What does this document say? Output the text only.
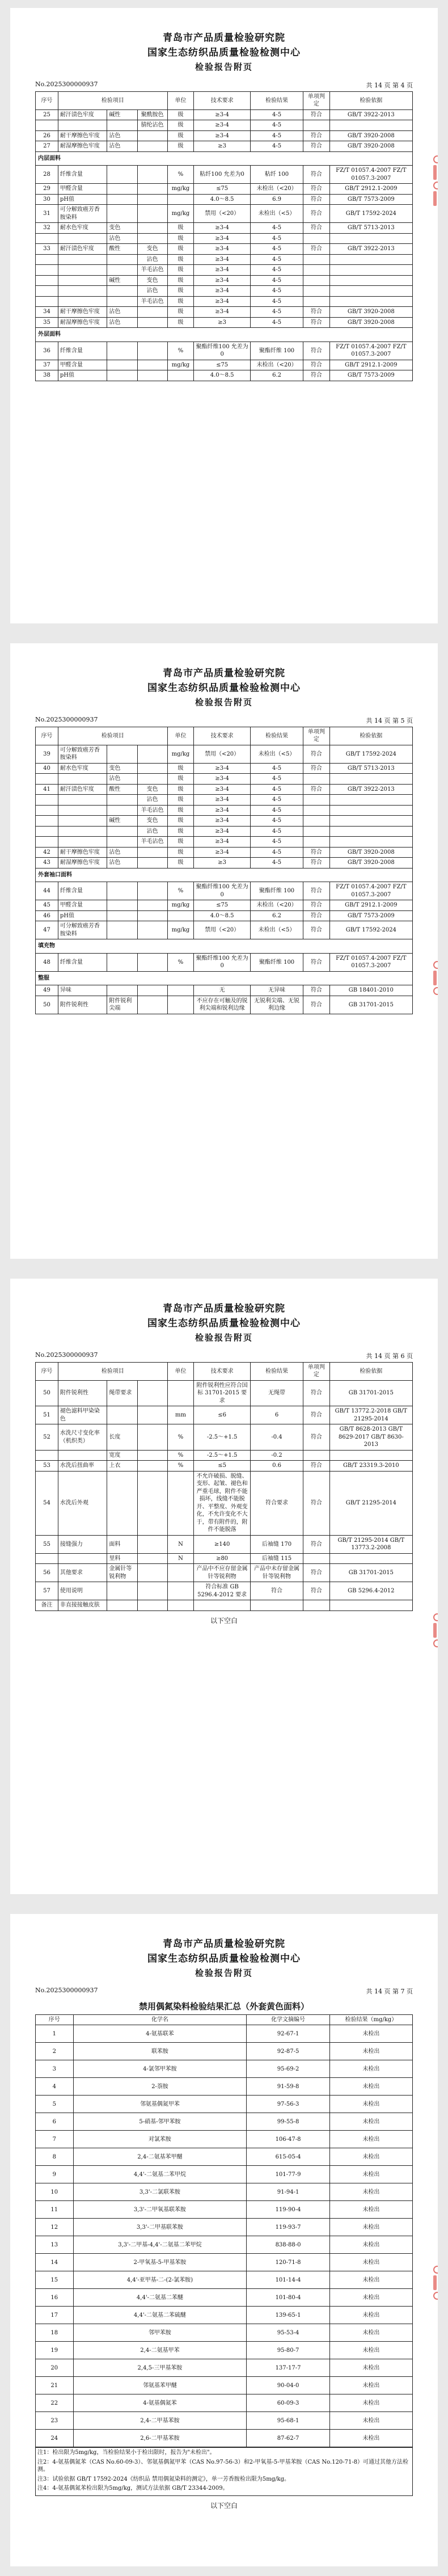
青岛市产品质量检验研究院
国家生态纺织品质量检验检测中心
检验报告附页
No.2025300000937	共 14 页 第 4 页
序号	检验项目			单位	技术要求	检验结果	单项判定	检验依据
25	耐汗渍色牢度	碱性	聚酰胺色	级	≥3-4	4-5	符合	GB/T 3922-2013
			腈纶沾色	级	≥3-4	4-5		
26	耐干摩擦色牢度	沾色		级	≥3-4	4-5	符合	GB/T 3920-2008
27	耐湿摩擦色牢度	沾色		级	≥3	4-5	符合	GB/T 3920-2008
内层面料								
28	纤维含量			%	粘纤100 允差为0	粘纤 100	符合	FZ/T 01057.4-2007 FZ/T 01057.3-2007
29	甲醛含量			mg/kg	≤75	未检出（<20）	符合	GB/T 2912.1-2009
30	pH值				4.0～8.5	6.9	符合	GB/T 7573-2009
31	可分解致癌芳香胺染料			mg/kg	禁用（<20）	未检出（<5）	符合	GB/T 17592-2024
32	耐水色牢度	变色		级	≥3-4	4-5	符合	GB/T 5713-2013
		沾色		级	≥3-4	4-5		
33	耐汗渍色牢度	酸性	变色	级	≥3-4	4-5	符合	GB/T 3922-2013
			沾色	级	≥3-4	4-5		
			羊毛沾色	级	≥3-4	4-5		
		碱性	变色	级	≥3-4	4-5		
			沾色	级	≥3-4	4-5		
			羊毛沾色	级	≥3-4	4-5		
34	耐干摩擦色牢度	沾色		级	≥3-4	4-5	符合	GB/T 3920-2008
35	耐湿摩擦色牢度	沾色		级	≥3	4-5	符合	GB/T 3920-2008
外层面料								
36	纤维含量			%	聚酯纤维100 允差为0	聚酯纤维 100	符合	FZ/T 01057.4-2007 FZ/T 01057.3-2007
37	甲醛含量			mg/kg	≤75	未检出（<20）	符合	GB/T 2912.1-2009
38	pH值				4.0～8.5	6.2	符合	GB/T 7573-2009
青岛市产品质量检验研究院
国家生态纺织品质量检验检测中心
检验报告附页
No.2025300000937	共 14 页 第 5 页
序号	检验项目			单位	技术要求	检验结果	单项判定	检验依据
39	可分解致癌芳香胺染料			mg/kg	禁用（<20）	未检出（<5）	符合	GB/T 17592-2024
40	耐水色牢度	变色		级	≥3-4	4-5	符合	GB/T 5713-2013
		沾色		级	≥3-4	4-5		
41	耐汗渍色牢度	酸性	变色	级	≥3-4	4-5	符合	GB/T 3922-2013
			沾色	级	≥3-4	4-5		
			羊毛沾色	级	≥3-4	4-5		
		碱性	变色	级	≥3-4	4-5		
			沾色	级	≥3-4	4-5		
			羊毛沾色	级	≥3-4	4-5		
42	耐干摩擦色牢度	沾色		级	≥3-4	4-5	符合	GB/T 3920-2008
43	耐湿摩擦色牢度	沾色		级	≥3	4-5	符合	GB/T 3920-2008
外套袖口面料								
44	纤维含量			%	聚酯纤维100 允差为0	聚酯纤维 100	符合	FZ/T 01057.4-2007 FZ/T 01057.3-2007
45	甲醛含量			mg/kg	≤75	未检出（<20）	符合	GB/T 2912.1-2009
46	pH值				4.0～8.5	6.2	符合	GB/T 7573-2009
47	可分解致癌芳香胺染料			mg/kg	禁用（<20）	未检出（<5）	符合	GB/T 17592-2024
填充物								
48	纤维含量			%	聚酯纤维100 允差为0	聚酯纤维 100	符合	FZ/T 01057.4-2007 FZ/T 01057.3-2007
整服								
49	异味				无	无异味	符合	GB 18401-2010
50	附件锐利性	附件锐利尖端			不应存在可触及的锐利尖端和锐利边缘	无锐利尖端、无锐利边缘	符合	GB 31701-2015
青岛市产品质量检验研究院
国家生态纺织品质量检验检测中心
检验报告附页
No.2025300000937	共 14 页 第 6 页
序号	检验项目			单位	技术要求	检验结果	单项判定	检验依据
50	附件锐利性	绳带要求			附件锐利性应符合国标 31701-2015 要求	无绳带	符合	GB 31701-2015
51	褪色滤料甲染染色			mm	≤6	6	符合	GB/T 13772.2-2018 GB/T 21295-2014
52	水洗尺寸变化率（机织类）	长度		%	-2.5～+1.5	-0.4	符合	GB/T 8628-2013 GB/T 8629-2017 GB/T 8630-2013
		宽度		%	-2.5～+1.5	-0.2		
53	水洗后扭曲率	上衣		%	≤5	0.6	符合	GB/T 23319.3-2010
54	水洗后外观				不允许破损、脱缝、变形、起皱、褪色和严重毛球，附件不能损坏，线缝不能脱开、平整度、外观变化，不允许变化不大于，带有附件的，附件不能脱落	符合要求	符合	GB/T 21295-2014
55	接缝强力	面料		N	≥140	后袖缝 170	符合	GB/T 21295-2014 GB/T 13773.2-2008
		里料		N	≥80	后袖缝 115		
56	其他要求	金属针等锐利物			产品中不应存留金属针等锐利物	产品中未存留金属针等锐利物	符合	GB 31701-2015
57	使用说明				符合标准 GB 5296.4-2012 要求	符合	符合	GB 5296.4-2012
备注	非直接接触皮肤							
以下空白
青岛市产品质量检验研究院
国家生态纺织品质量检验检测中心
检验报告附页
No.2025300000937	共 14 页 第 7 页
禁用偶氮染料检验结果汇总（外套黄色面料）
序号	化学名	化学文摘编号	检验结果（mg/kg）
1	4-氨基联苯	92-67-1	未检出
2	联苯胺	92-87-5	未检出
3	4-氯邻甲苯胺	95-69-2	未检出
4	2-萘胺	91-59-8	未检出
5	邻氨基偶氮甲苯	97-56-3	未检出
6	5-硝基-邻甲苯胺	99-55-8	未检出
7	对氯苯胺	106-47-8	未检出
8	2,4-二氨基苯甲醚	615-05-4	未检出
9	4,4'-二氨基二苯甲烷	101-77-9	未检出
10	3,3'-二氯联苯胺	91-94-1	未检出
11	3,3'-二甲氧基联苯胺	119-90-4	未检出
12	3,3'-二甲基联苯胺	119-93-7	未检出
13	3,3'-二甲基-4,4'-二氨基二苯甲烷	838-88-0	未检出
14	2-甲氧基-5-甲基苯胺	120-71-8	未检出
15	4,4'-亚甲基-二-(2-氯苯胺)	101-14-4	未检出
16	4,4'-二氨基二苯醚	101-80-4	未检出
17	4,4'-二氨基二苯硫醚	139-65-1	未检出
18	邻甲苯胺	95-53-4	未检出
19	2,4-二氨基甲苯	95-80-7	未检出
20	2,4,5-三甲基苯胺	137-17-7	未检出
21	邻氨基苯甲醚	90-04-0	未检出
22	4-氨基偶氮苯	60-09-3	未检出
23	2,4-二甲基苯胺	95-68-1	未检出
24	2,6-二甲基苯胺	87-62-7	未检出
注1：检出限为5mg/kg，当检验结果小于检出限时，报告为"未检出"。
注2：4-氨基偶氮苯（CAS No.60-09-3）、邻氨基偶氮甲苯（CAS No.97-56-3）和2-甲氧基-5-甲基苯胺（CAS No.120-71-8）可通过其他方法检测。
注3：试验依据 GB/T 17592-2024《纺织品 禁用偶氮染料的测定》，单一芳香胺检出限为5mg/kg。
注4：4-氨基偶氮苯检出限为5mg/kg，测试方法依据 GB/T 23344-2009。
以下空白
